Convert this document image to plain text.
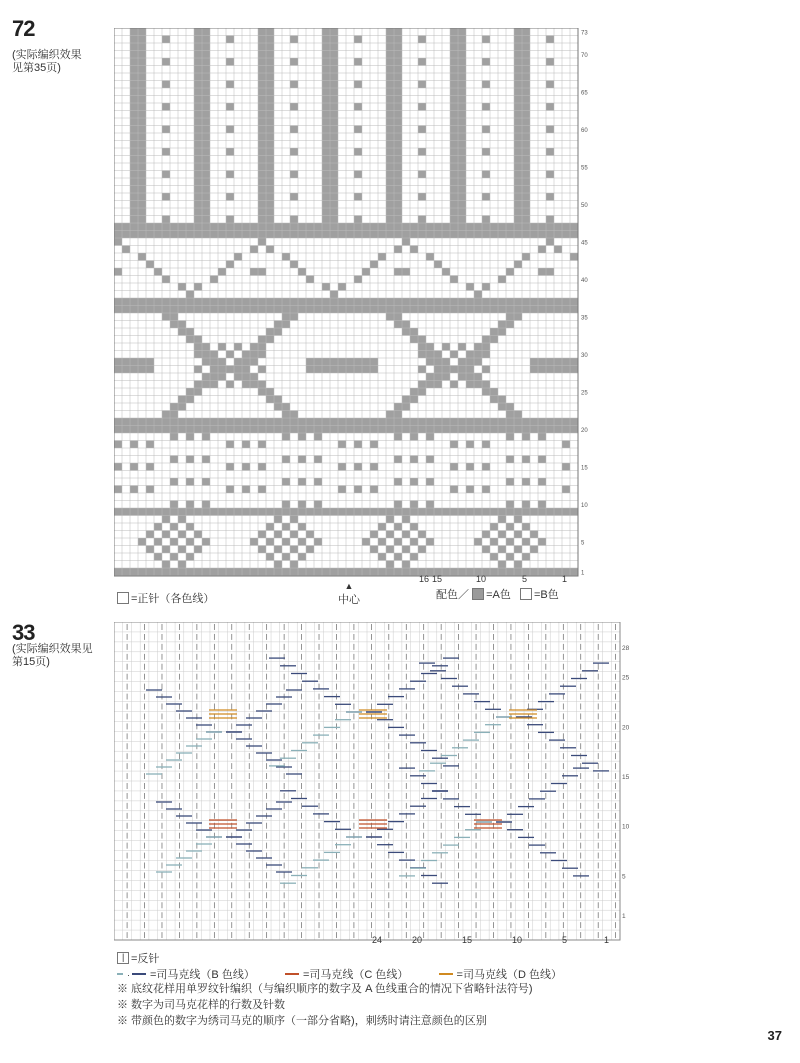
72
(实际编织效果
见第35页)
73
70
65
60
55
50
45
40
35
30
25
20
15
10
5
1
16 15	10	5	1
=正针（各色线）
▲
中心	配色／ =A色 =B色
33
(实际编织效果见
第15页)
28
25
20
15
10
5
1
24	20	15	10	5	1
| =反针
· =司马克线（B 色线）	=司马克线（C 色线）	=司马克线（D 色线）
※ 底纹花样用单罗纹针编织（与编织顺序的数字及 A 色线重合的情况下省略针法符号)
※ 数字为司马克花样的行数及针数
※ 带颜色的数字为绣司马克的顺序（一部分省略)，刺绣时请注意颜色的区别
37
